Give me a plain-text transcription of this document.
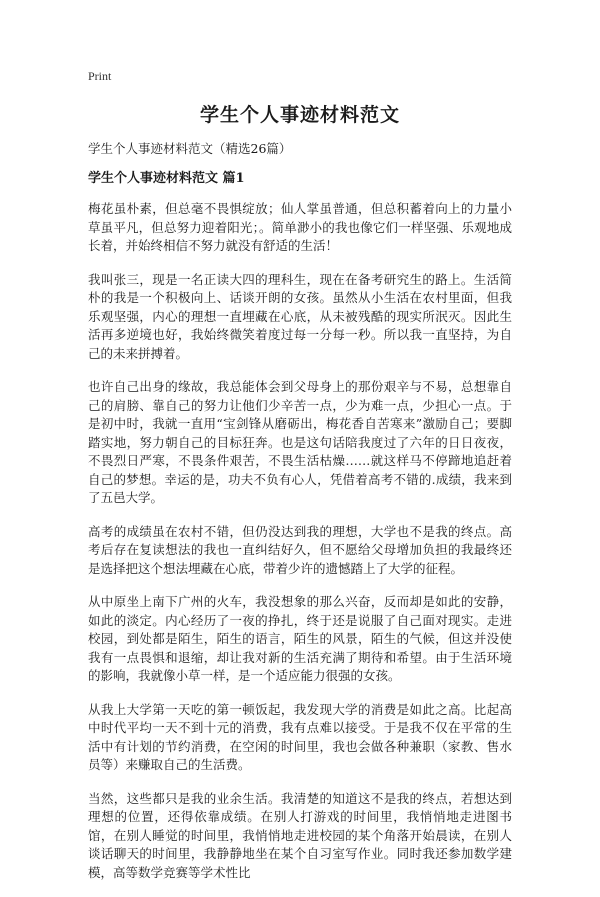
Print
学生个人事迹材料范文
学生个人事迹材料范文（精选26篇）
学生个人事迹材料范文 篇1

梅花虽朴素，但总毫不畏惧绽放；仙人掌虽普通，但总积蓄着向上的力量小草虽平凡，但总努力迎着阳光；。简单渺小的我也像它们一样坚强、乐观地成长着，并始终相信不努力就没有舒适的生活！

我叫张三，现是一名正读大四的理科生，现在在备考研究生的路上。生活简朴的我是一个积极向上、话谈开朗的女孩。虽然从小生活在农村里面，但我乐观坚强，内心的理想一直埋藏在心底，从未被残酷的现实所泯灭。因此生活再多逆境也好，我始终微笑着度过每一分每一秒。所以我一直坚持，为自己的未来拼搏着。

也许自己出身的缘故，我总能体会到父母身上的那份艰辛与不易，总想靠自己的肩膀、靠自己的努力让他们少辛苦一点，少为难一点，少担心一点。于是初中时，我就一直用“宝剑锋从磨砺出，梅花香自苦寒来”激励自己；要脚踏实地，努力朝自己的目标狂奔。也是这句话陪我度过了六年的日日夜夜，不畏烈日严寒，不畏条件艰苦，不畏生活枯燥……就这样马不停蹄地追赶着自己的梦想。幸运的是，功夫不负有心人，凭借着高考不错的.成绩，我来到了五邑大学。

高考的成绩虽在农村不错，但仍没达到我的理想，大学也不是我的终点。高考后存在复读想法的我也一直纠结好久，但不愿给父母增加负担的我最终还是选择把这个想法埋藏在心底，带着少许的遗憾踏上了大学的征程。

从中原坐上南下广州的火车，我没想象的那么兴奋，反而却是如此的安静，如此的淡定。内心经历了一夜的挣扎，终于还是说服了自己面对现实。走进校园，到处都是陌生，陌生的语言，陌生的风景，陌生的气候，但这并没使我有一点畏惧和退缩，却让我对新的生活充满了期待和希望。由于生活环境的影响，我就像小草一样，是一个适应能力很强的女孩。

从我上大学第一天吃的第一顿饭起，我发现大学的消费是如此之高。比起高中时代平均一天不到十元的消费，我有点难以接受。于是我不仅在平常的生活中有计划的节约消费，在空闲的时间里，我也会做各种兼职（家教、售水员等）来赚取自己的生活费。

当然，这些都只是我的业余生活。我清楚的知道这不是我的终点，若想达到理想的位置，还得依靠成绩。在别人打游戏的时间里，我悄悄地走进图书馆，在别人睡觉的时间里，我悄悄地走进校园的某个角落开始晨读，在别人谈话聊天的时间里，我静静地坐在某个自习室写作业。同时我还参加数学建模，高等数学竞赛等学术性比
